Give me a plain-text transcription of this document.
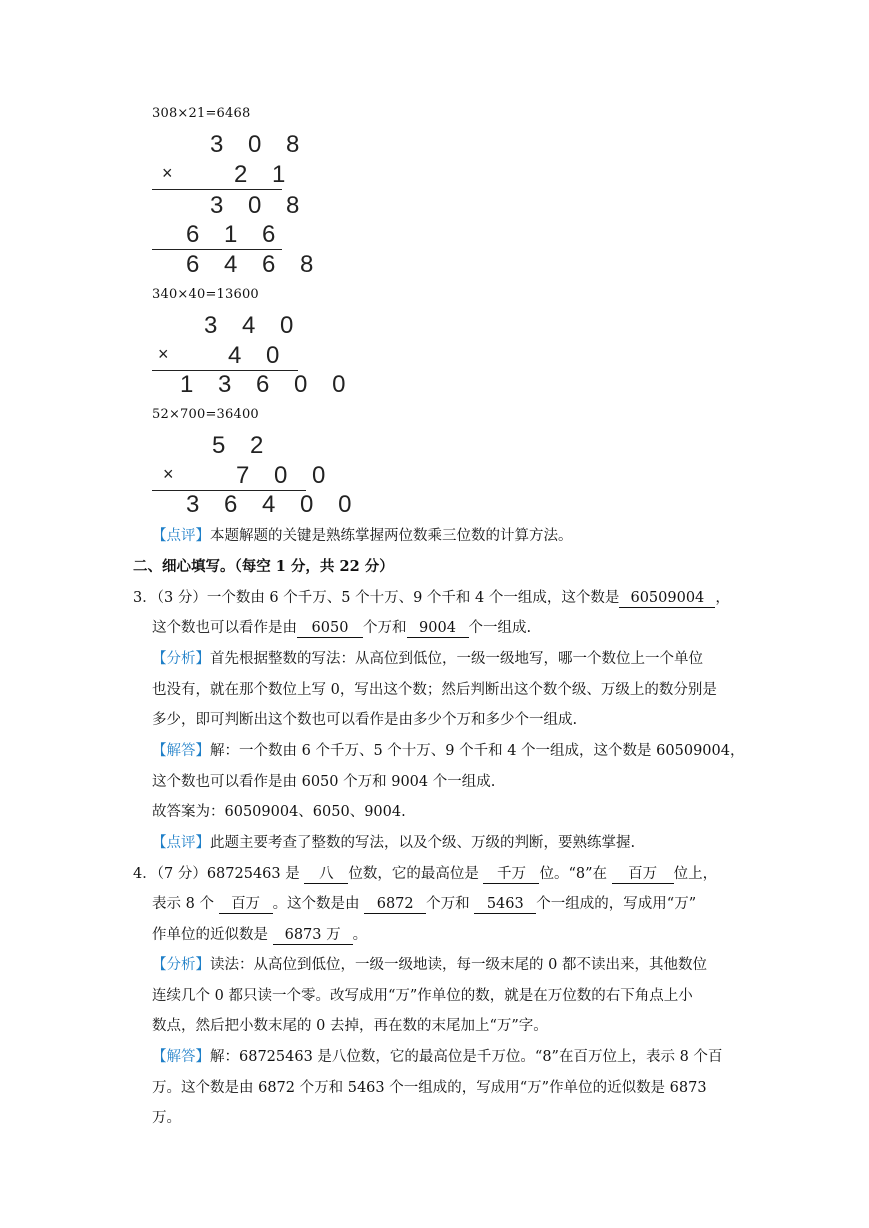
308×21=6468
3 0 8
×	2 1
3 0 8
6 1 6
6 4 6 8
340×40=13600
3 4 0
× 4 0
1 3 6 0 0
52×700=36400
5 2
×	7 0 0
3 6 4 0 0
【点评】本题解题的关键是熟练掌握两位数乘三位数的计算方法。
二、细心填写。（每空 1 分，共 22 分）
3．（3 分）一个数由 6 个千万、5 个十万、9 个千和 4 个一组成，这个数是 60509004 ，
这个数也可以看作是由 6050 个万和 9004 个一组成.
【分析】首先根据整数的写法：从高位到低位，一级一级地写，哪一个数位上一个单位
也没有，就在那个数位上写 0，写出这个数；然后判断出这个数个级、万级上的数分别是
多少，即可判断出这个数也可以看作是由多少个万和多少个一组成.
【解答】解：一个数由 6 个千万、5 个十万、9 个千和 4 个一组成，这个数是 60509004，
这个数也可以看作是由 6050 个万和 9004 个一组成.
故答案为：60509004、6050、9004.
【点评】此题主要考查了整数的写法，以及个级、万级的判断，要熟练掌握.
4．（7 分）68725463 是 八 位数，它的最高位是 千万 位。“8”在 百万 位上，
表示 8 个 百万 。这个数是由 6872 个万和 5463 个一组成的，写成用“万”
作单位的近似数是 6873 万 。
【分析】读法：从高位到低位，一级一级地读，每一级末尾的 0 都不读出来，其他数位
连续几个 0 都只读一个零。改写成用“万”作单位的数，就是在万位数的右下角点上小
数点，然后把小数末尾的 0 去掉，再在数的末尾加上“万”字。
【解答】解：68725463 是八位数，它的最高位是千万位。“8”在百万位上，表示 8 个百
万。这个数是由 6872 个万和 5463 个一组成的，写成用“万”作单位的近似数是 6873
万。
